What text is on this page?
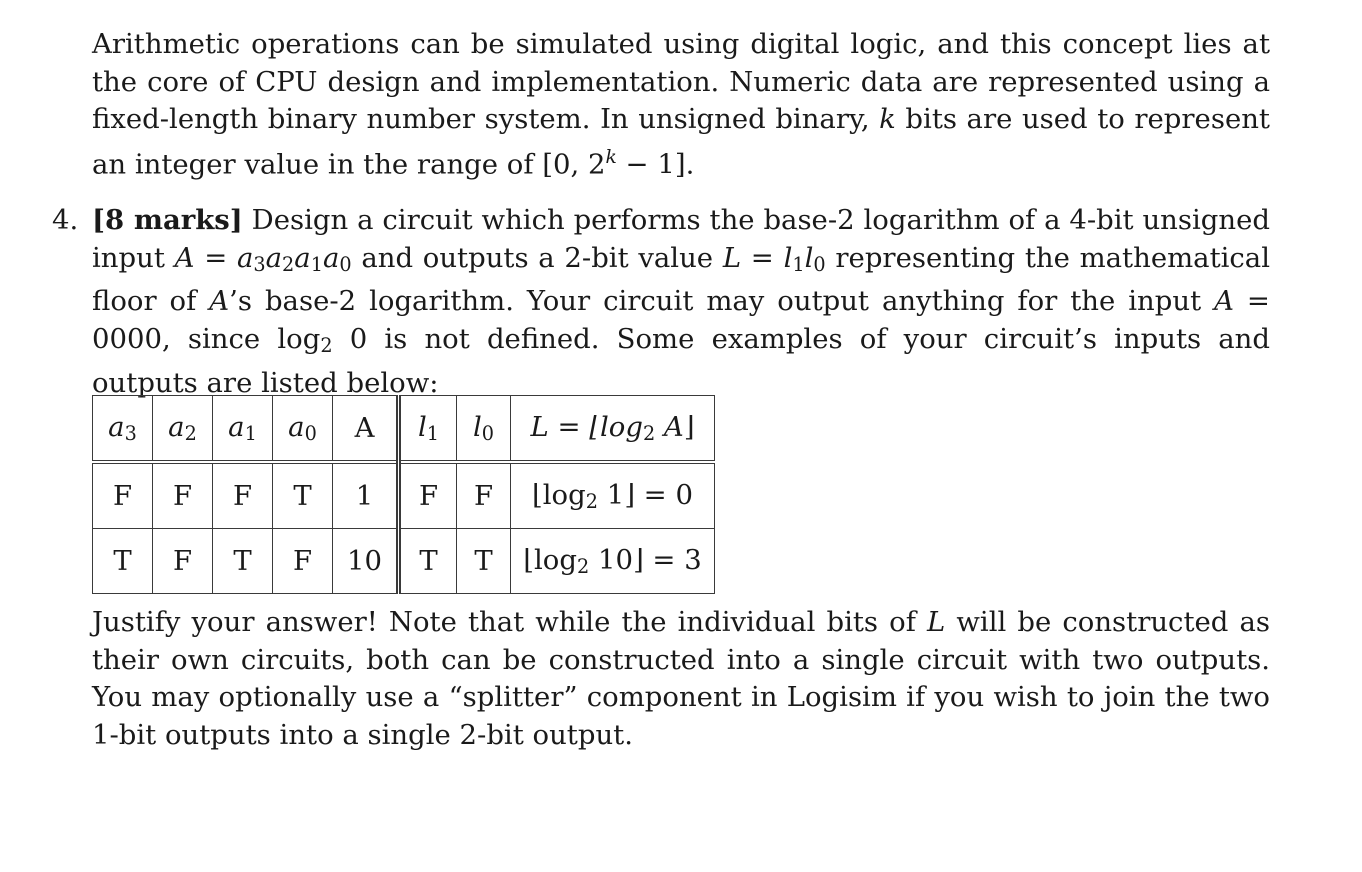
Arithmetic operations can be simulated using digital logic, and this concept lies at the core of CPU design and implementation. Numeric data are represented using a fixed-length binary number system. In unsigned binary, k bits are used to represent an integer value in the range of [0, $2^k - 1$].

4. [8 marks] Design a circuit which performs the base-2 logarithm of a 4-bit unsigned input $A = a_3a_2a_1a_0$ and outputs a 2-bit value $L = l_1l_0$ representing the mathematical floor of A’s base-2 logarithm. Your circuit may output anything for the input A = 0000, since $\log_2 0$ is not defined. Some examples of your circuit’s inputs and outputs are listed below:

$a_3$	$a_2$	$a_1$	$a_0$	A	$l_1$	$l_0$	$L = ⌊\log_2$ A⌋
F	F	F	T	1	F	F	$⌊\log_2$ 1⌋ = 0
T	F	T	F	10	T	T	$⌊\log_2$ 10⌋ = 3

Justify your answer! Note that while the individual bits of L will be constructed as their own circuits, both can be constructed into a single circuit with two outputs. You may optionally use a “splitter” component in Logisim if you wish to join the two 1-bit outputs into a single 2-bit output.
